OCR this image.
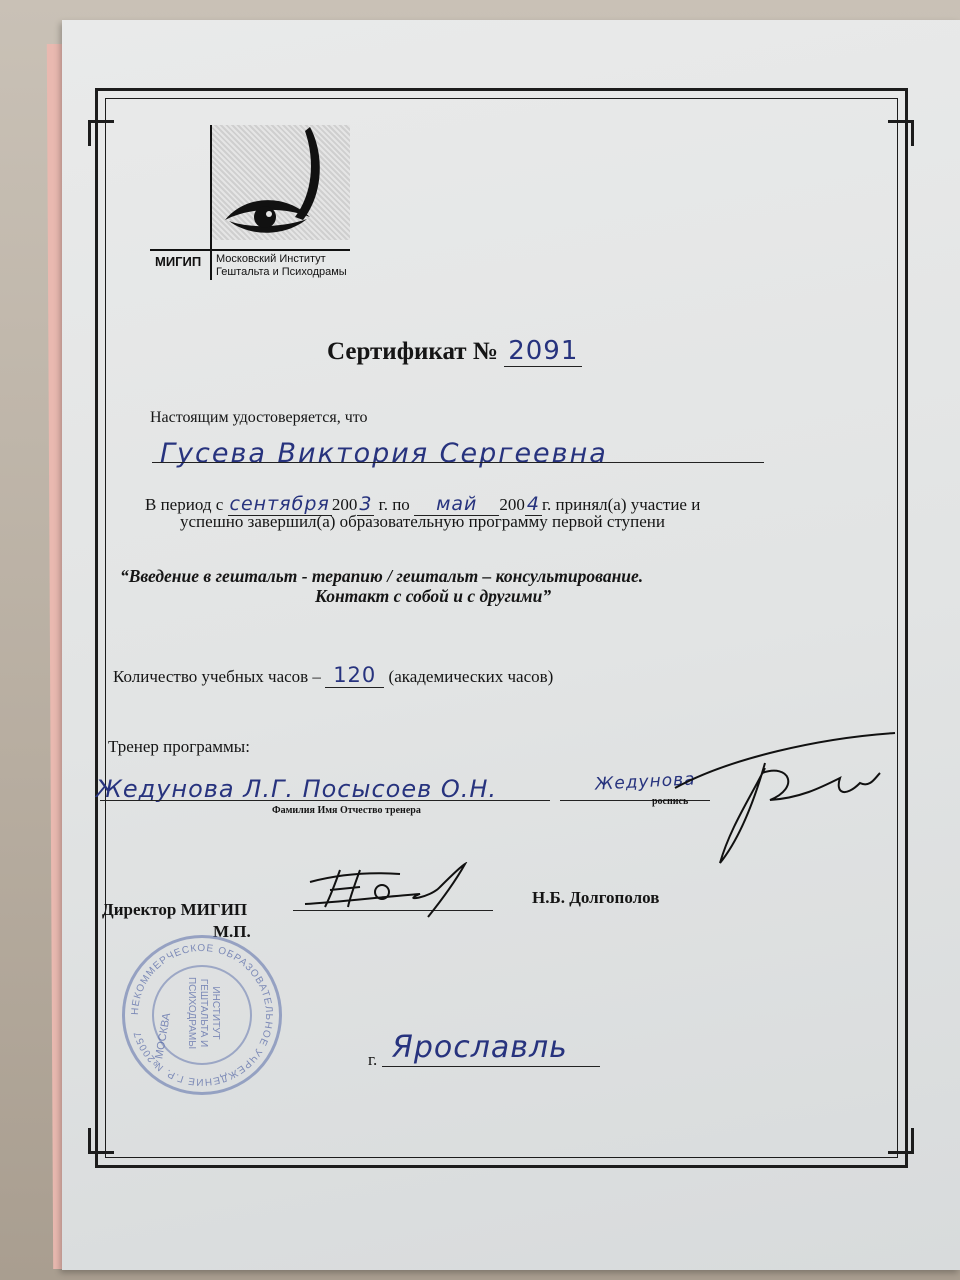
МИГИП Московский Институт
Гештальта и Психодрамы
Сертификат № 2091
Настоящим удостоверяется, что
Гусева Виктория Сергеевна
В период с сентября 200 3 г. по май 200 4 г. принял(а) участие и
успешно завершил(а) образовательную программу первой ступени
“Введение в гештальт - терапию / гештальт – консультирование.
Контакт с собой и с другими”
Количество учебных часов – 120 (академических часов)
Тренер программы:
Жедунова Л.Г. Посысоев О.Н.
Фамилия Имя Отчество тренера
роспись
Жедунова
Директор МИГИП
М.П.
Н.Б. Долгополов
НЕКОММЕРЧЕСКОЕ ОБРАЗОВАТЕЛЬНОЕ УЧРЕЖДЕНИЕ Г.Р. №20057 МОСКВА	ИНСТИТУТ ГЕШТАЛЬТА И ПСИХОДРАМЫ
г. Ярославль
